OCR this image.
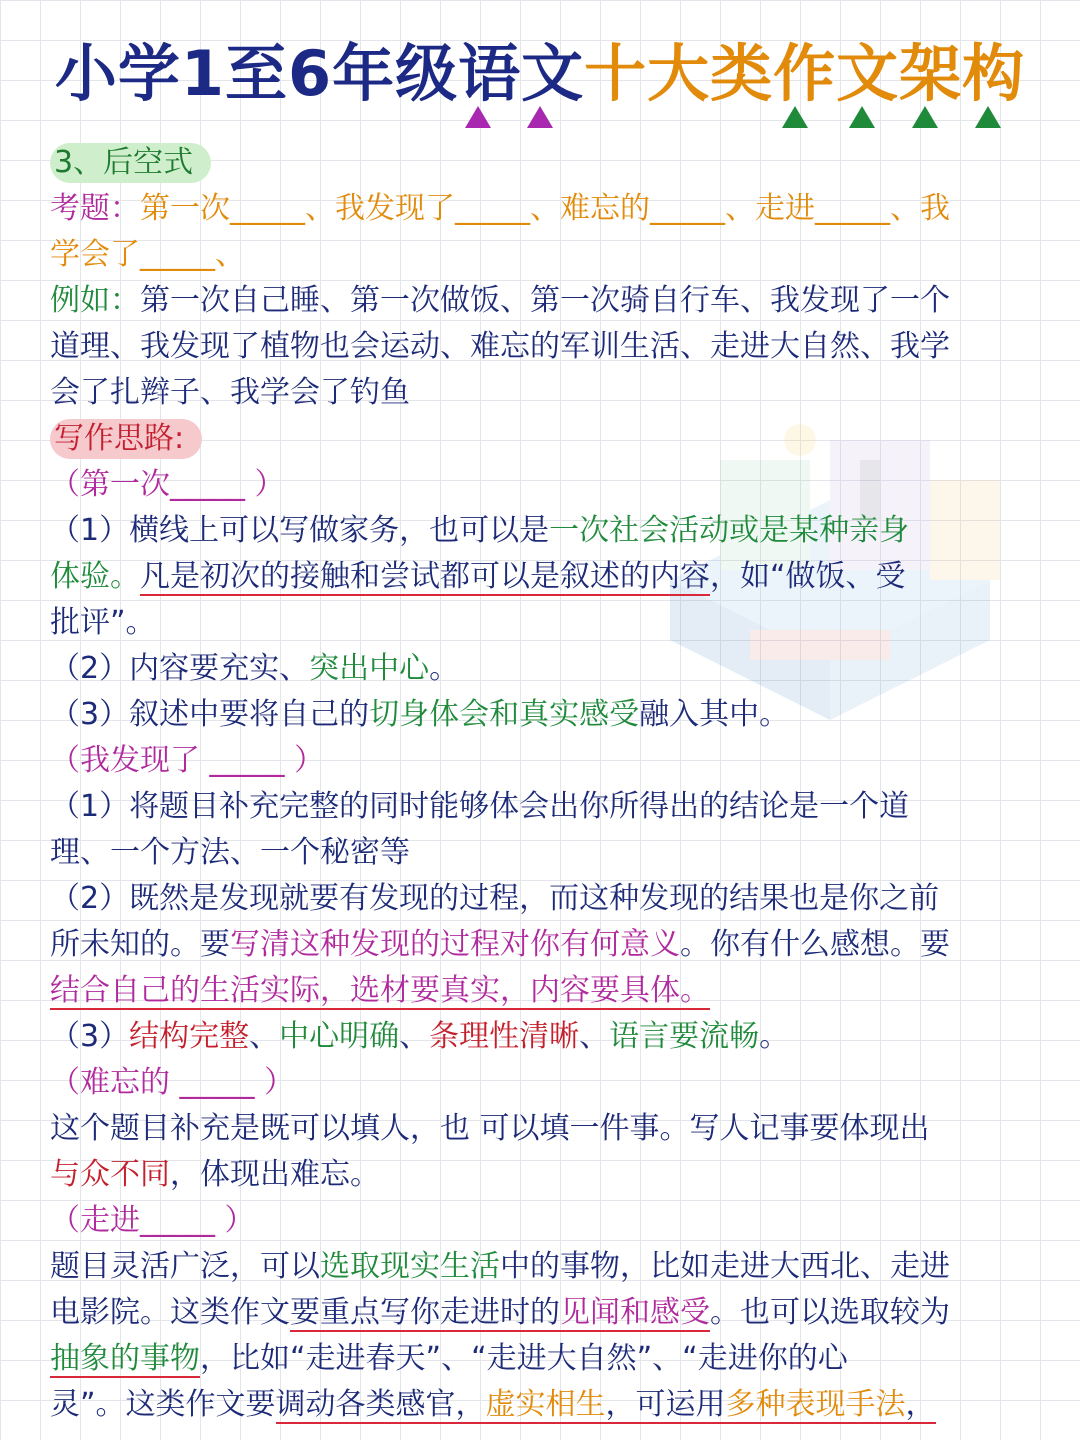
小学1至6年级语文十大类作文架构
3、后空式
考题：第一次_____、我发现了_____、难忘的_____、走进_____、我
学会了_____、
例如：第一次自己睡、第一次做饭、第一次骑自行车、我发现了一个
道理、我发现了植物也会运动、难忘的军训生活、走进大自然、我学
会了扎辫子、我学会了钓鱼
写作思路:
（第一次_____ ）
（1）横线上可以写做家务，也可以是一次社会活动或是某种亲身
体验。凡是初次的接触和尝试都可以是叙述的内容，如“做饭、受
批评”。
（2）内容要充实、突出中心。
（3）叙述中要将自己的切身体会和真实感受融入其中。
（我发现了 _____ ）
（1）将题目补充完整的同时能够体会出你所得出的结论是一个道
理、一个方法、一个秘密等
（2）既然是发现就要有发现的过程，而这种发现的结果也是你之前
所未知的。要写清这种发现的过程对你有何意义。你有什么感想。要
结合自己的生活实际，选材要真实，内容要具体。
（3）结构完整、中心明确、条理性清晰、语言要流畅。
（难忘的 _____ ）
这个题目补充是既可以填人，也 可以填一件事。写人记事要体现出
与众不同，体现出难忘。
（走进_____ ）
题目灵活广泛，可以选取现实生活中的事物，比如走进大西北、走进
电影院。这类作文要重点写你走进时的见闻和感受。也可以选取较为
抽象的事物，比如“走进春天”、“走进大自然”、“走进你的心
灵”。这类作文要调动各类感官，虚实相生，可运用多种表现手法，
